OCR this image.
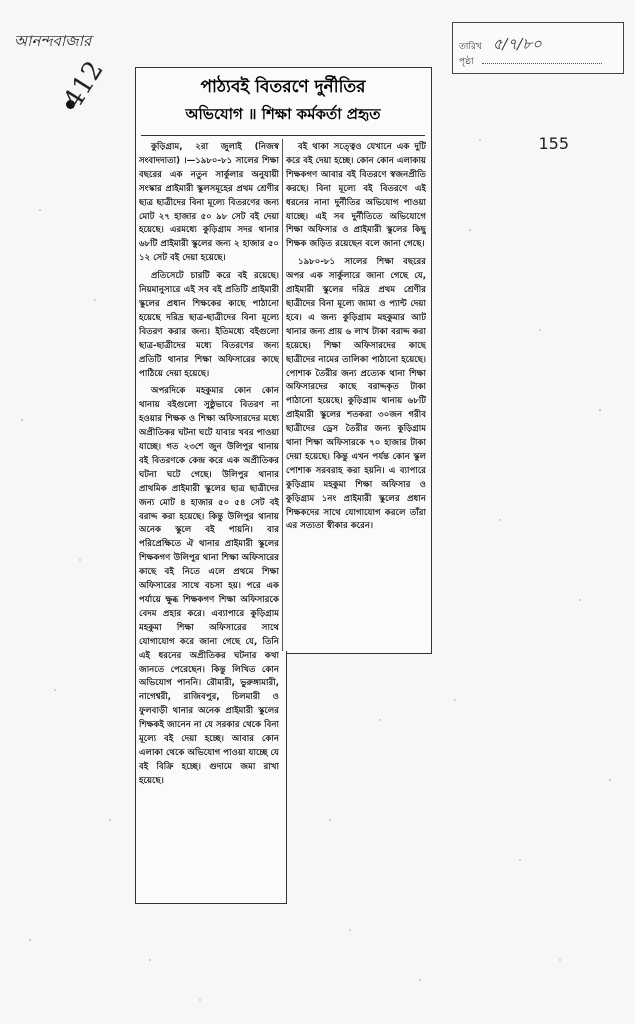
আনন্দবাজার
412
155
তারিখ ৫/৭/৮০
পৃষ্ঠা
পাঠ্যবই বিতরণে দুর্নীতির
অভিযোগ ॥ শিক্ষা কর্মকর্তা প্রহৃত

কুড়িগ্রাম, ২রা জুলাই (নিজস্ব সংবাদদাতা) ।—১৯৮০-৮১ সালের শিক্ষা বছরের এক নতুন সার্কুলার অনুযায়ী সংস্কার প্রাইমারী স্কুলসমূহের প্রথম শ্রেণীর ছাত্র ছাত্রীদের বিনা মূল্যে বিতরণের জন্য মোট ২৭ হাজার ৫০ ৯৮ সেট বই দেয়া হয়েছে। এরমধ্যে কুড়িগ্রাম সদর থানার ৬৮টি প্রাইমারী স্কুলের জন্য ২ হাজার ৫০ ১২ সেট বই দেয়া হয়েছে।

প্রতিসেটে চারটি করে বই রয়েছে। নিয়মানুসারে এই সব বই প্রতিটি প্রাইমারী স্কুলের প্রধান শিক্ষকের কাছে পাঠানো হয়েছে দরিদ্র ছাত্র-ছাত্রীদের বিনা মূল্যে বিতরণ করার জন্য। ইতিমধ্যে বইগুলো ছাত্র-ছাত্রীদের মধ্যে বিতরণের জন্য প্রতিটি থানার শিক্ষা অফিসারের কাছে পাঠিয়ে দেয়া হয়েছে।

অপরদিকে মহকুমার কোন কোন থানায় বইগুলো সুষ্ঠুভাবে বিতরণ না হওয়ার শিক্ষক ও শিক্ষা অফিসারদের মধ্যে অপ্রীতিকর ঘটনা ঘটে যাবার খবর পাওয়া যাচ্ছে। গত ২৩শে জুন উলিপুর থানায় বই বিতরণকে কেন্দ্র করে এক অপ্রীতিকর ঘটনা ঘটে গেছে। উলিপুর থানার প্রাথমিক প্রাইমারী স্কুলের ছাত্র ছাত্রীদের জন্য মোট ৪ হাজার ৫০ ৫৪ সেট বই বরাদ্দ করা হয়েছে। কিন্তু উলিপুর থানায় অনেক স্কুলে বই পায়নি। বার পরিপ্রেক্ষিতে ঐ থানার প্রাইমারী স্কুলের শিক্ষকগণ উলিপুর থানা শিক্ষা অফিসারের কাছে বই নিতে এলে প্রথমে শিক্ষা অফিসারের সাথে বচসা হয়। পরে এক পর্যায়ে ক্ষুব্ধ শিক্ষকগণ শিক্ষা অফিসারকে বেদম প্রহার করে। এব্যাপারে কুড়িগ্রাম মহকুমা শিক্ষা অফিসারের সাথে যোগাযোগ করে জানা গেছে যে, তিনি এই ধরনের অপ্রীতিকর ঘটনার কথা জানতে পেরেছেন। কিন্তু লিখিত কোন অভিযোগ পাননি। রৌমারী, ভুরুঙ্গামারী, নাগেশ্বরী, রাজিবপুর, চিলমারী ও ফুলবাড়ী থানার অনেক প্রাইমারী স্কুলের শিক্ষকই জানেন না যে সরকার থেকে বিনা মূল্যে বই দেয়া হচ্ছে। আবার কোন এলাকা থেকে অভিযোগ পাওয়া যাচ্ছে যে বই বিক্রি হচ্ছে। গুদামে জমা রাখা হয়েছে।

বই থাকা সত্ত্বেও যেখানে এক দুটি করে বই দেয়া হচ্ছে। কোন কোন এলাকায় শিক্ষকগণ আবার বই বিতরণে স্বজনপ্রীতি করছে। বিনা মূল্যে বই বিতরণে এই ধরনের নানা দুর্নীতির অভিযোগ পাওয়া যাচ্ছে। এই সব দুর্নীতিতে অভিযোগে শিক্ষা অফিসার ও প্রাইমারী স্কুলের কিছু শিক্ষক জড়িত রয়েছেন বলে জানা গেছে।

১৯৮০-৮১ সালের শিক্ষা বছরের অপর এক সার্কুলারে জানা গেছে যে, প্রাইমারী স্কুলের দরিদ্র প্রথম শ্রেণীর ছাত্রীদের বিনা মূল্যে জামা ও প্যান্ট দেয়া হবে। এ জন্য কুড়িগ্রাম মহকুমার আট থানার জন্য প্রায় ৬ লাখ টাকা বরাদ্দ করা হয়েছে। শিক্ষা অফিসারদের কাছে ছাত্রীদের নামের তালিকা পাঠানো হয়েছে। পোশাক তৈরীর জন্য প্রত্যেক থানা শিক্ষা অফিসারদের কাছে বরাদ্দকৃত টাকা পাঠানো হয়েছে। কুড়িগ্রাম থানায় ৬৮টি প্রাইমারী স্কুলের শতকরা ৩০জন গরীব ছাত্রীদের ড্রেস তৈরীর জন্য কুড়িগ্রাম থানা শিক্ষা অফিসারকে ৭০ হাজার টাকা দেয়া হয়েছে। কিন্তু এখন পর্যন্ত কোন স্কুল পোশাক সরবরাহ করা হয়নি। এ ব্যাপারে কুড়িগ্রাম মহকুমা শিক্ষা অফিসার ও কুড়িগ্রাম ১নং প্রাইমারী স্কুলের প্রধান শিক্ষকদের সাথে যোগাযোগ করলে তাঁরা এর সত্যতা স্বীকার করেন।
